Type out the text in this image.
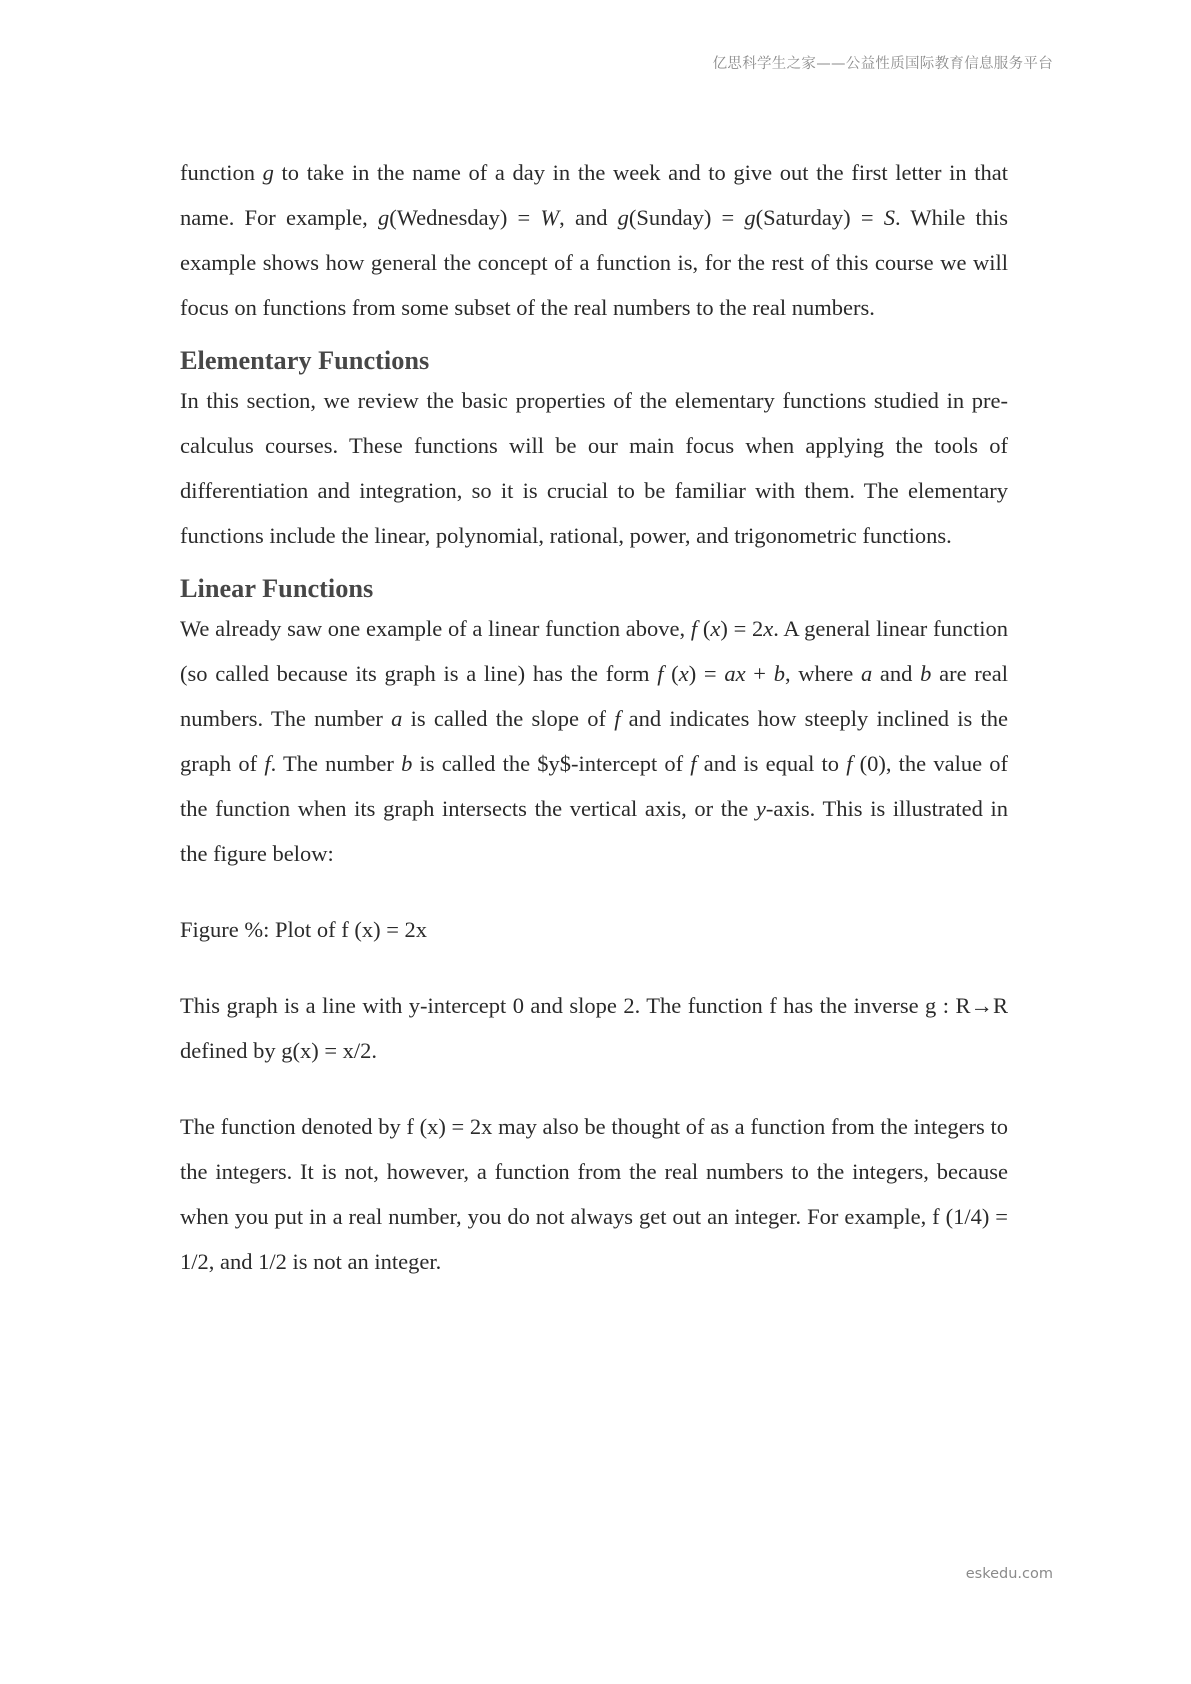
亿思科学生之家——公益性质国际教育信息服务平台

function g to take in the name of a day in the week and to give out the first letter in that name. For example, g(Wednesday) = W, and g(Sunday) = g(Saturday) = S. While this example shows how general the concept of a function is, for the rest of this course we will focus on functions from some subset of the real numbers to the real numbers.

Elementary Functions

In this section, we review the basic properties of the elementary functions studied in pre-calculus courses. These functions will be our main focus when applying the tools of differentiation and integration, so it is crucial to be familiar with them. The elementary functions include the linear, polynomial, rational, power, and trigonometric functions.

Linear Functions

We already saw one example of a linear function above, f (x) = 2x. A general linear function (so called because its graph is a line) has the form f (x) = ax + b, where a and b are real numbers. The number a is called the slope of f and indicates how steeply inclined is the graph of f. The number b is called the $y$-intercept of f and is equal to f (0), the value of the function when its graph intersects the vertical axis, or the y-axis. This is illustrated in the figure below:

Figure %: Plot of f (x) = 2x

This graph is a line with y-intercept 0 and slope 2. The function f has the inverse g : R→R defined by g(x) = x/2.

The function denoted by f (x) = 2x may also be thought of as a function from the integers to the integers. It is not, however, a function from the real numbers to the integers, because when you put in a real number, you do not always get out an integer. For example, f (1/4) = 1/2, and 1/2 is not an integer.

eskedu.com
